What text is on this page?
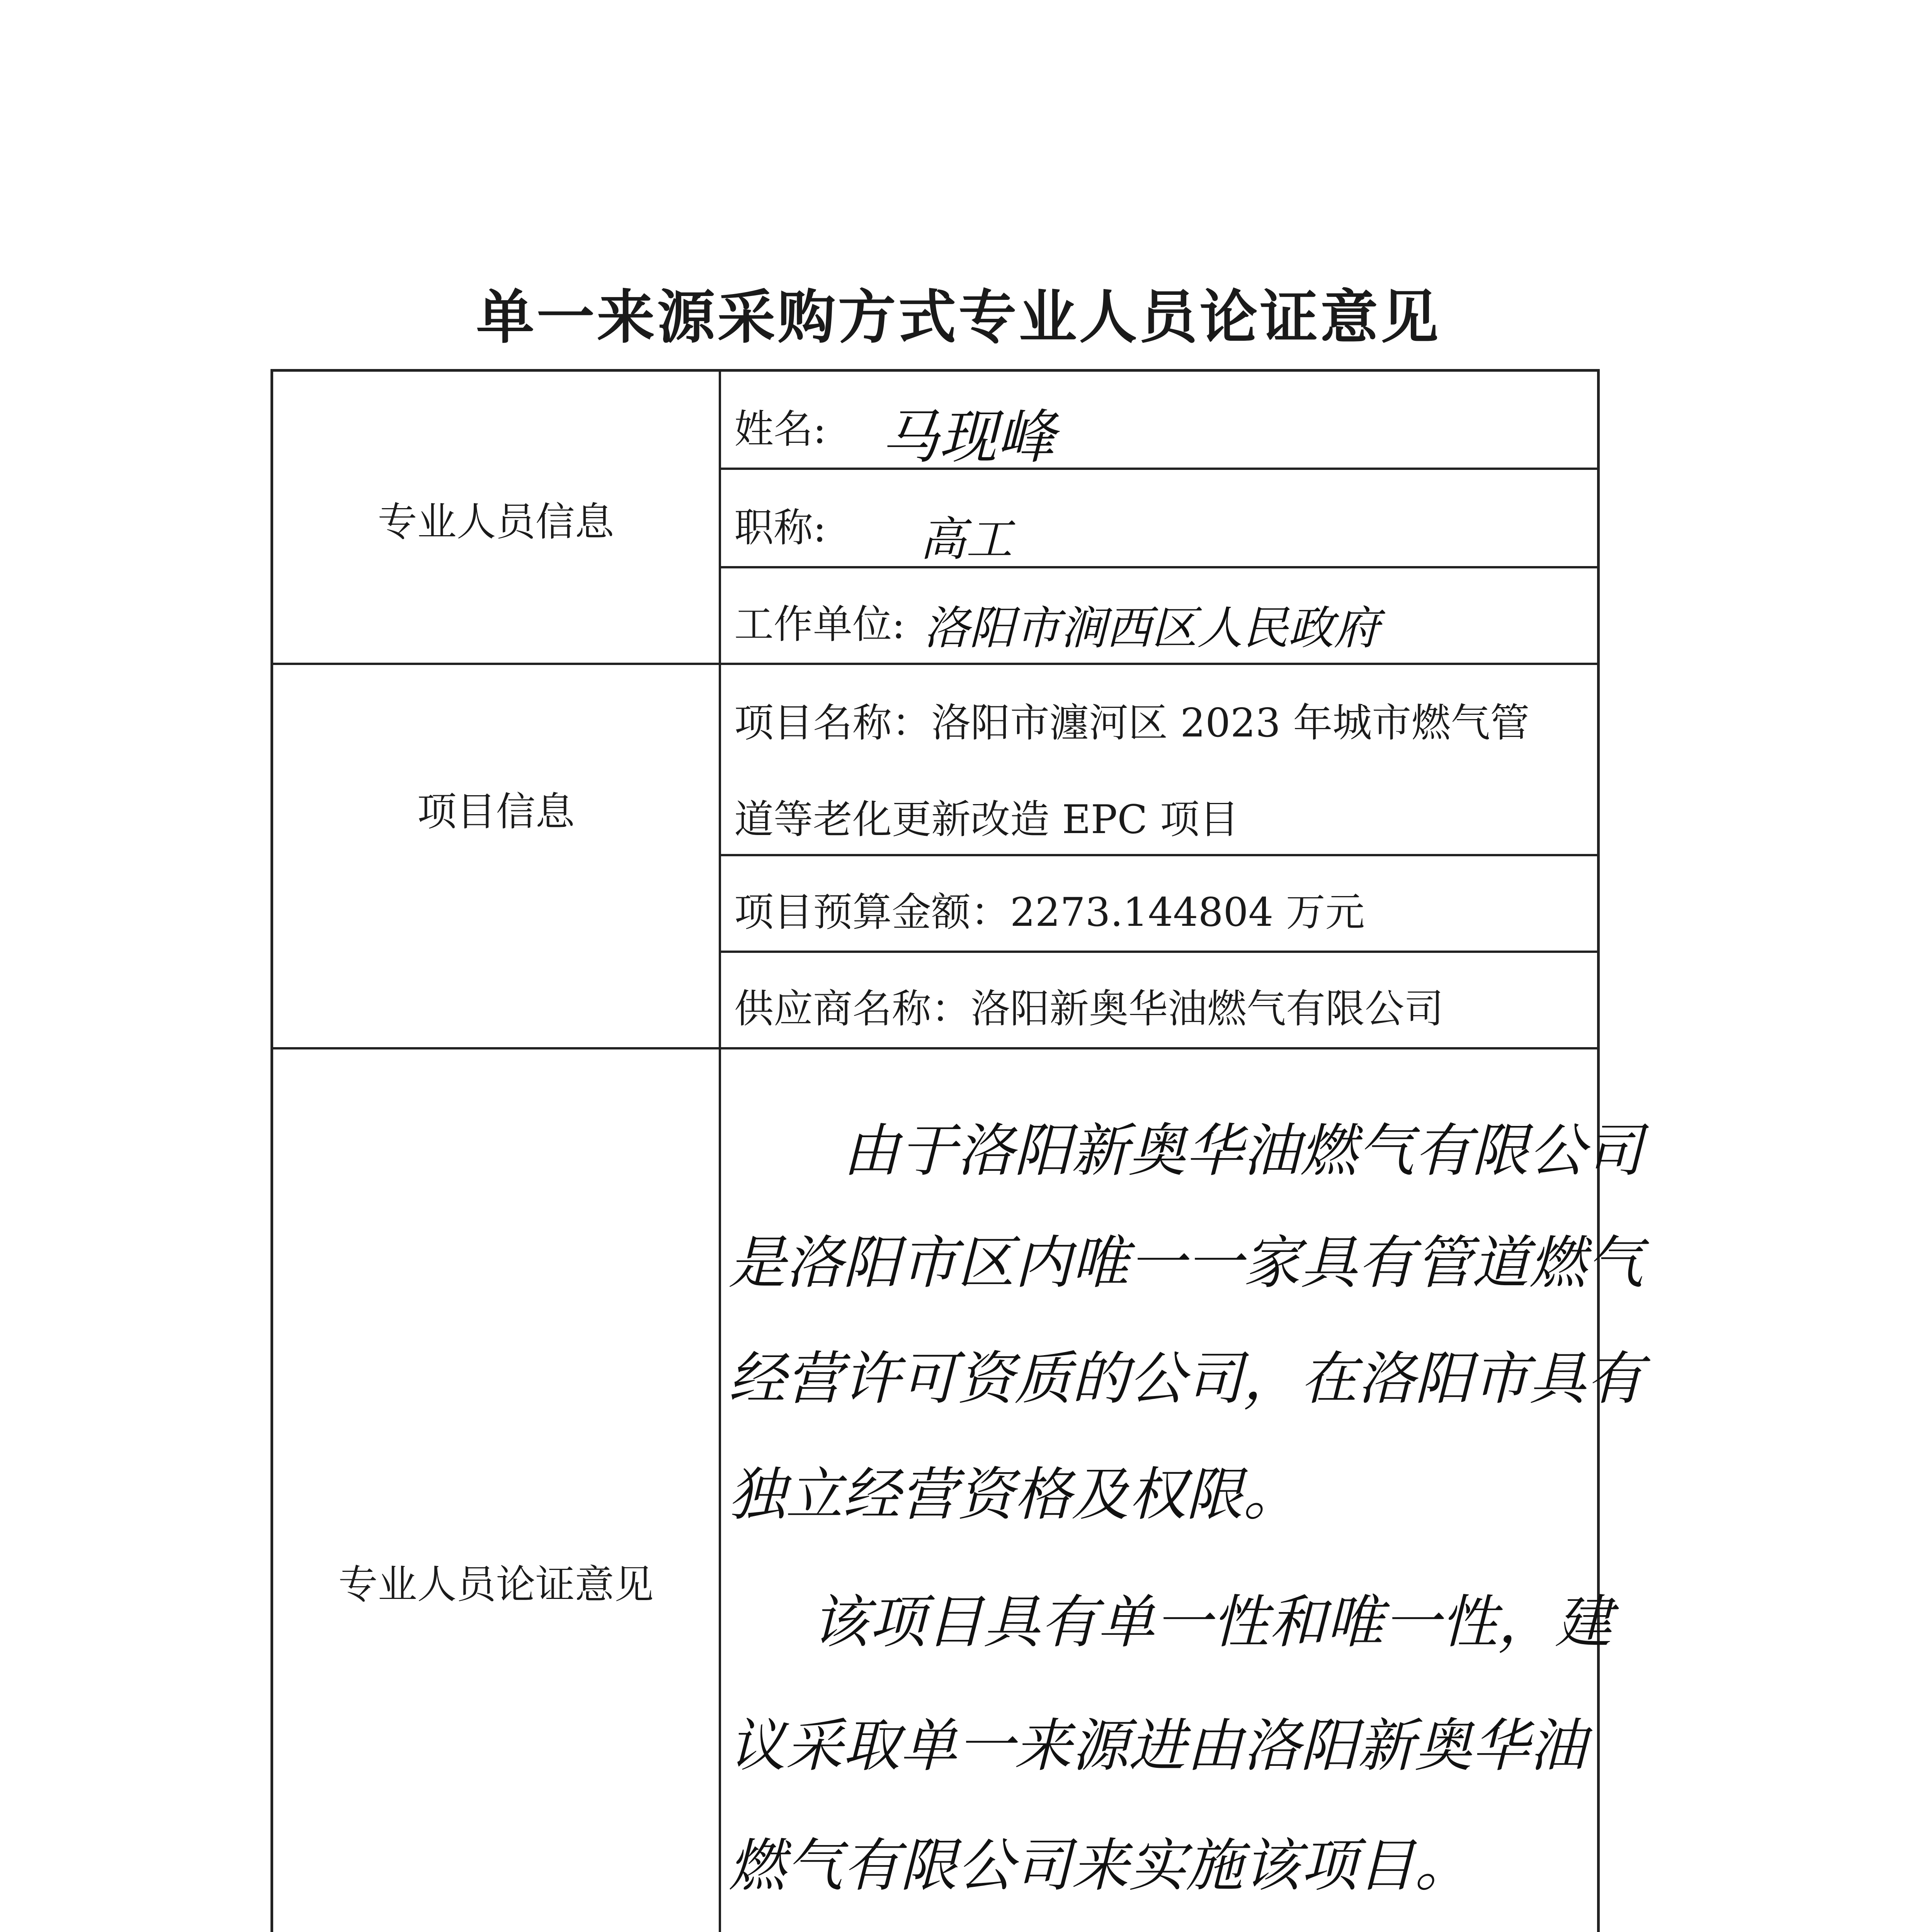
单一来源采购方式专业人员论证意见
专业人员信息
姓名: 马现峰
职称: 高工
工作单位: 洛阳市涧西区人民政府
项目信息
项目名称：洛阳市瀍河区 2023 年城市燃气管
道等老化更新改造 EPC 项目
项目预算金额：2273.144804 万元
供应商名称：洛阳新奥华油燃气有限公司
专业人员论证意见
由于洛阳新奥华油燃气有限公司
是洛阳市区内唯一一家具有管道燃气
经营许可资质的公司，在洛阳市具有
独立经营资格及权限。
该项目具有单一性和唯一性，建
议采取单一来源进由洛阳新奥华油
燃气有限公司来实施该项目。
